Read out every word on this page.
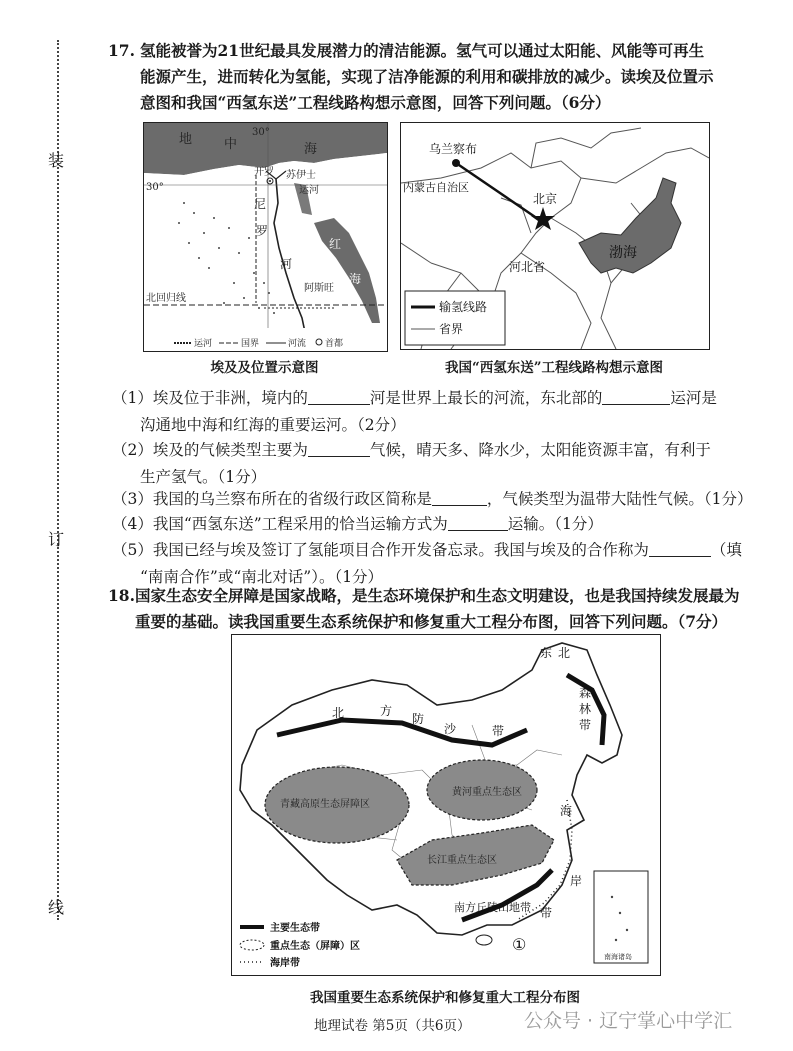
装
订
线
17. 氢能被誉为21世纪最具发展潜力的清洁能源。氢气可以通过太阳能、风能等可再生
能源产生，进而转化为氢能，实现了洁净能源的利用和碳排放的减少。读埃及位置示
意图和我国“西氢东送”工程线路构想示意图，回答下列问题。（6分）
地 中	海
30°
30°
开罗 苏伊士
运河
尼
罗
河
红
海
阿斯旺
北回归线
运河	国界	河流 首都
埃及及位置示意图
乌兰察布
内蒙古自治区
北京
河北省
渤海
输氢线路
省界
我国“西氢东送”工程线路构想示意图
（1）埃及位于非洲，境内的	河是世界上最长的河流，东北部的	运河是
沟通地中海和红海的重要运河。（2分）
（2）埃及的气候类型主要为	气候，晴天多、降水少，太阳能资源丰富，有利于
生产氢气。（1分）
（3）我国的乌兰察布所在的省级行政区简称是	，气候类型为温带大陆性气候。（1分）
（4）我国“西氢东送”工程采用的恰当运输方式为	运输。（1分）
（5）我国已经与埃及签订了氢能项目合作开发备忘录。我国与埃及的合作称为	（填
“南南合作”或“南北对话”）。（1分）
18. 国家生态安全屏障是国家战略，是生态环境保护和生态文明建设，也是我国持续发展最为
重要的基础。读我国重要生态系统保护和修复重大工程分布图，回答下列问题。（7分）
南海诸岛
北	方
防
沙	带
东 北
森
林
带
海
岸
带
①
青藏高原生态屏障区
黄河重点生态区
长江重点生态区
南方丘陵山地带
主要生态带
重点生态（屏障）区
海岸带
我国重要生态系统保护和修复重大工程分布图
地理试卷 第5页（共6页）	公众号 · 辽宁掌心中学汇
